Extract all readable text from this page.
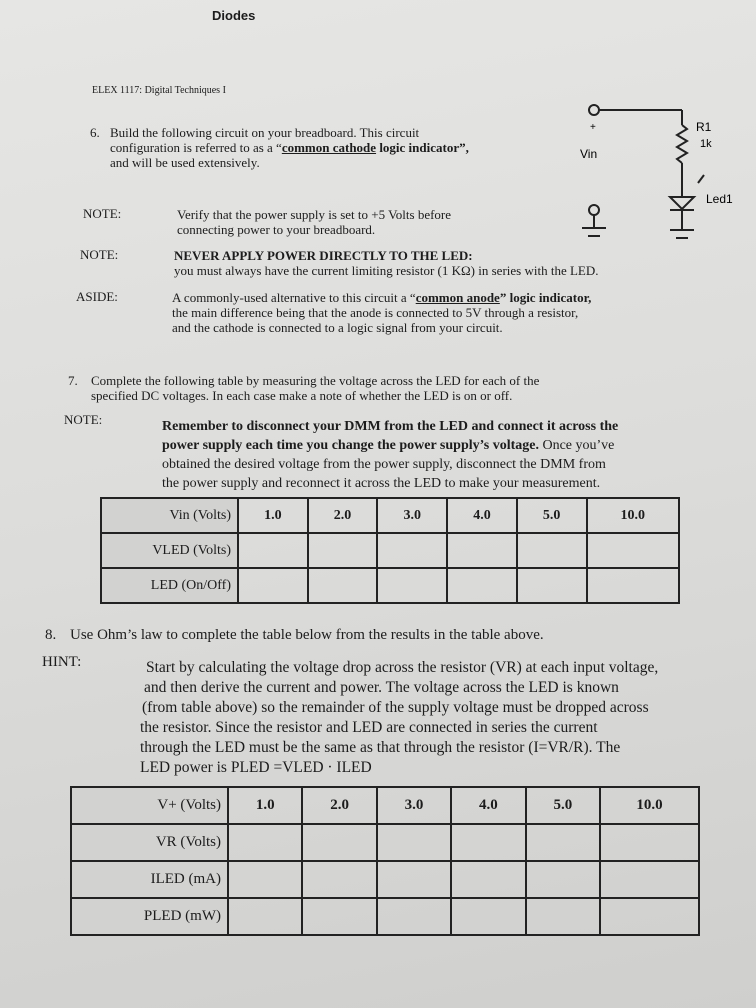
Diodes
ELEX 1117: Digital Techniques I
6. Build the following circuit on your breadboard. This circuit
configuration is referred to as a “common cathode logic indicator”,
and will be used extensively.
+
Vin
R1
1k
Led1
NOTE:	Verify that the power supply is set to +5 Volts before
connecting power to your breadboard.
NOTE:	NEVER APPLY POWER DIRECTLY TO THE LED:
you must always have the current limiting resistor (1 KΩ) in series with the LED.
ASIDE:	A commonly-used alternative to this circuit a “common anode” logic indicator,
the main difference being that the anode is connected to 5V through a resistor,
and the cathode is connected to a logic signal from your circuit.
7. Complete the following table by measuring the voltage across the LED for each of the
specified DC voltages. In each case make a note of whether the LED is on or off.
NOTE:	Remember to disconnect your DMM from the LED and connect it across the
power supply each time you change the power supply’s voltage. Once you’ve
obtained the desired voltage from the power supply, disconnect the DMM from
the power supply and reconnect it across the LED to make your measurement.
Vin (Volts)	1.0	2.0	3.0	4.0	5.0	10.0
VLED (Volts)						
LED (On/Off)						
8. Use Ohm’s law to complete the table below from the results in the table above.
HINT:	Start by calculating the voltage drop across the resistor (VR) at each input voltage,
and then derive the current and power. The voltage across the LED is known
(from table above) so the remainder of the supply voltage must be dropped across
the resistor. Since the resistor and LED are connected in series the current
through the LED must be the same as that through the resistor (I=VR/R). The
LED power is PLED =VLED · ILED
V+ (Volts)	1.0	2.0	3.0	4.0	5.0	10.0
VR (Volts)						
ILED (mA)						
PLED (mW)						
